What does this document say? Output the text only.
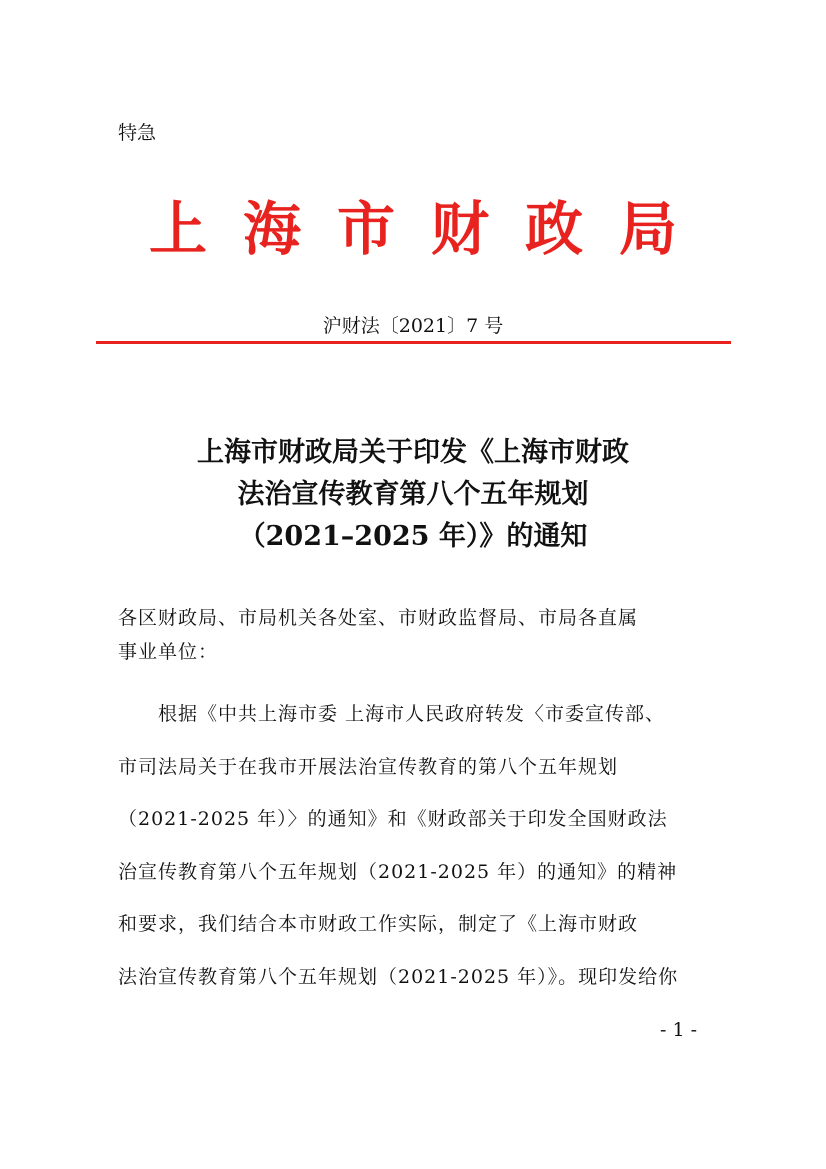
特急
上海市财政局
沪财法〔2021〕7 号
上海市财政局关于印发《上海市财政
法治宣传教育第八个五年规划
（2021–2025 年）》的通知
各区财政局、市局机关各处室、市财政监督局、市局各直属
事业单位：
根据《中共上海市委 上海市人民政府转发〈市委宣传部、
市司法局关于在我市开展法治宣传教育的第八个五年规划
（2021-2025 年）〉的通知》和《财政部关于印发全国财政法
治宣传教育第八个五年规划（2021-2025 年）的通知》的精神
和要求，我们结合本市财政工作实际，制定了《上海市财政
法治宣传教育第八个五年规划（2021-2025 年）》。现印发给你
- 1 -
